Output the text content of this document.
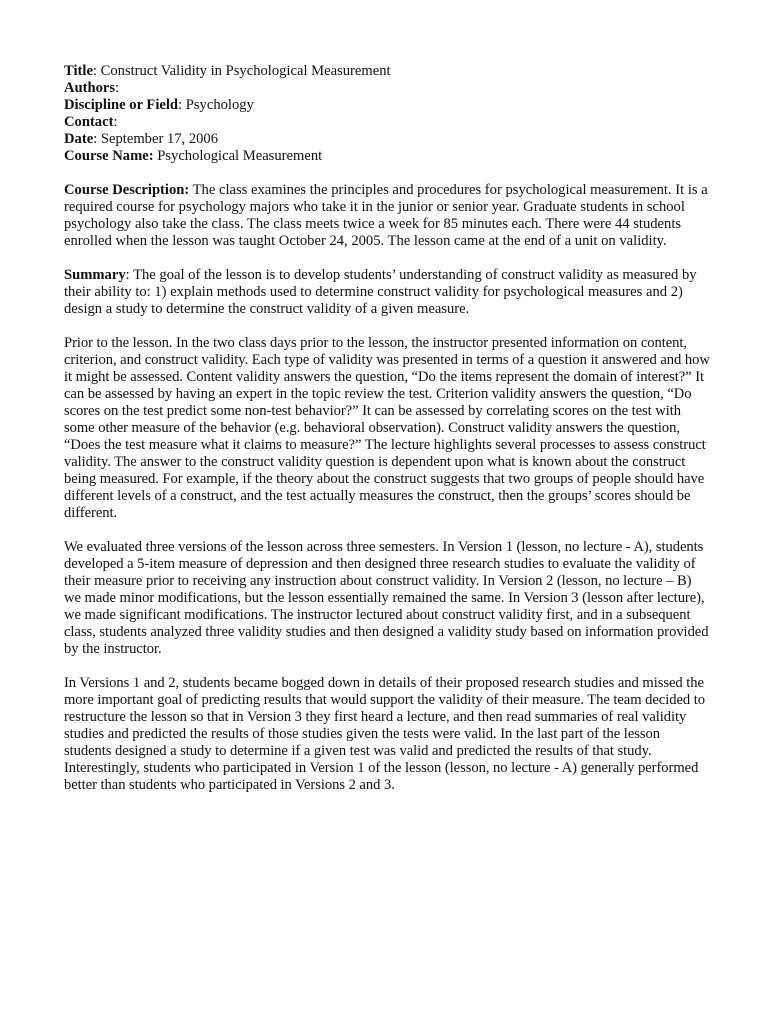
Title: Construct Validity in Psychological Measurement
Authors:
Discipline or Field: Psychology
Contact:
Date: September 17, 2006
Course Name: Psychological Measurement

Course Description: The class examines the principles and procedures for psychological measurement. It is a required course for psychology majors who take it in the junior or senior year. Graduate students in school psychology also take the class. The class meets twice a week for 85 minutes each. There were 44 students enrolled when the lesson was taught October 24, 2005. The lesson came at the end of a unit on validity.

Summary: The goal of the lesson is to develop students’ understanding of construct validity as measured by their ability to: 1) explain methods used to determine construct validity for psychological measures and 2) design a study to determine the construct validity of a given measure.

Prior to the lesson. In the two class days prior to the lesson, the instructor presented information on content, criterion, and construct validity. Each type of validity was presented in terms of a question it answered and how it might be assessed. Content validity answers the question, “Do the items represent the domain of interest?” It can be assessed by having an expert in the topic review the test. Criterion validity answers the question, “Do scores on the test predict some non-test behavior?” It can be assessed by correlating scores on the test with some other measure of the behavior (e.g. behavioral observation). Construct validity answers the question, “Does the test measure what it claims to measure?” The lecture highlights several processes to assess construct validity. The answer to the construct validity question is dependent upon what is known about the construct being measured. For example, if the theory about the construct suggests that two groups of people should have different levels of a construct, and the test actually measures the construct, then the groups’ scores should be different.

We evaluated three versions of the lesson across three semesters. In Version 1 (lesson, no lecture - A), students developed a 5-item measure of depression and then designed three research studies to evaluate the validity of their measure prior to receiving any instruction about construct validity. In Version 2 (lesson, no lecture – B) we made minor modifications, but the lesson essentially remained the same. In Version 3 (lesson after lecture), we made significant modifications. The instructor lectured about construct validity first, and in a subsequent class, students analyzed three validity studies and then designed a validity study based on information provided by the instructor.

In Versions 1 and 2, students became bogged down in details of their proposed research studies and missed the more important goal of predicting results that would support the validity of their measure. The team decided to restructure the lesson so that in Version 3 they first heard a lecture, and then read summaries of real validity studies and predicted the results of those studies given the tests were valid. In the last part of the lesson students designed a study to determine if a given test was valid and predicted the results of that study. Interestingly, students who participated in Version 1 of the lesson (lesson, no lecture - A) generally performed better than students who participated in Versions 2 and 3.
